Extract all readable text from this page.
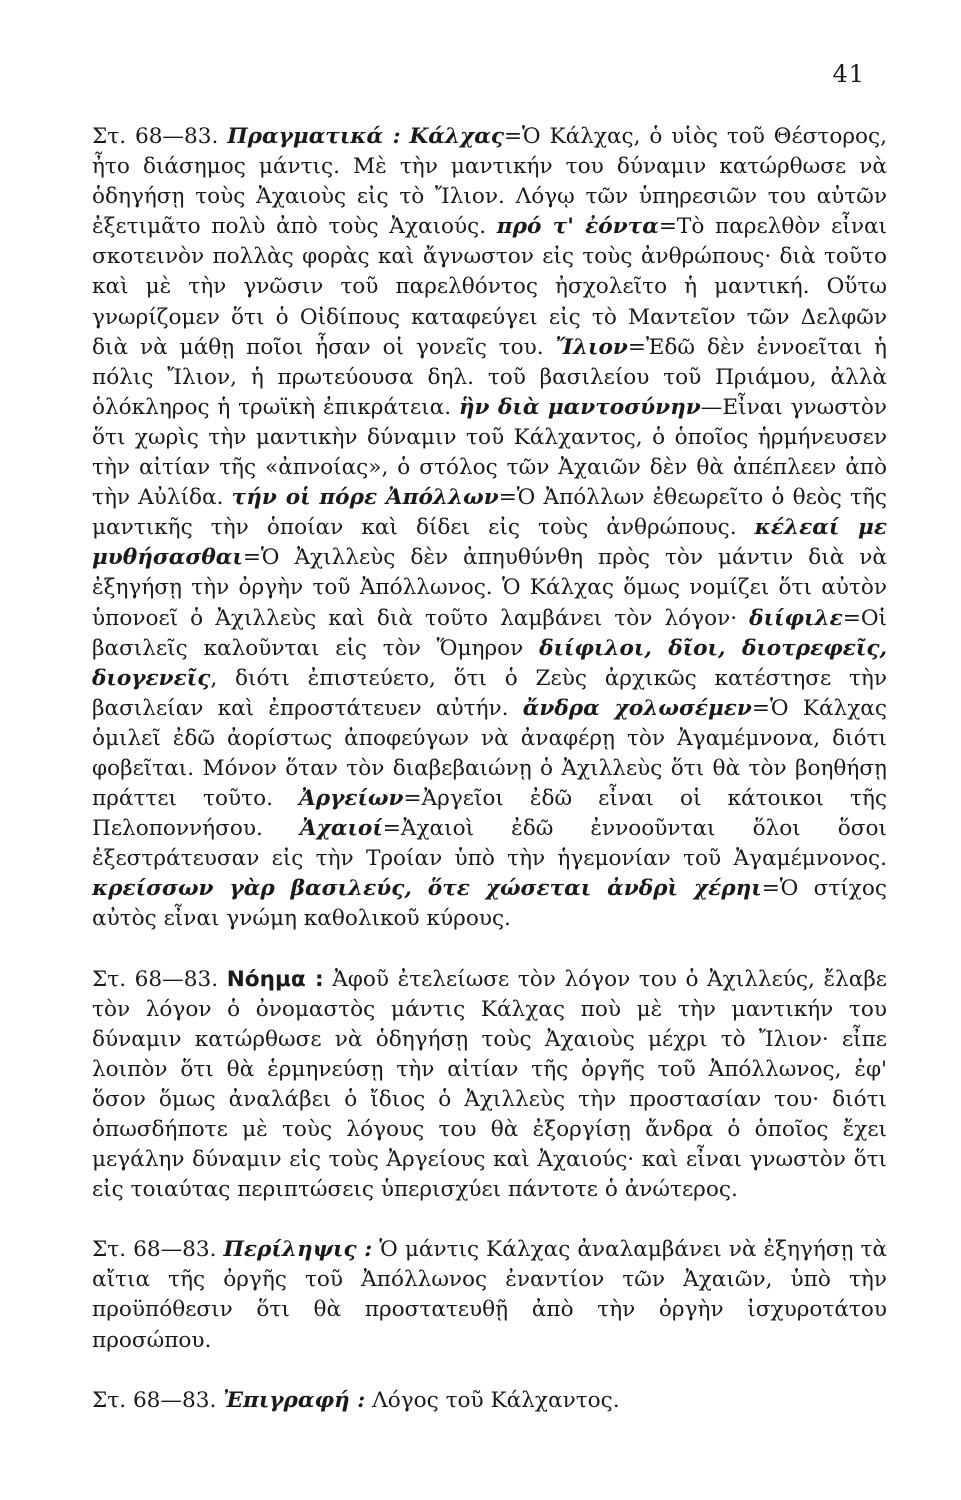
41

Στ. 68—83. Πραγματικά : Κάλχας=Ὁ Κάλχας, ὁ υἱὸς τοῦ Θέστορος, ἦτο διάσημος μάντις. Μὲ τὴν μαντικήν του δύναμιν κατώρθωσε νὰ ὁδηγήσῃ τοὺς Ἀχαιοὺς εἰς τὸ Ἴλιον. Λόγῳ τῶν ὑπηρεσιῶν του αὐτῶν ἐξετιμᾶτο πολὺ ἀπὸ τοὺς Ἀχαιούς. πρό τ' ἐόντα=Τὸ παρελθὸν εἶναι σκοτεινὸν πολλὰς φορὰς καὶ ἄγνωστον εἰς τοὺς ἀνθρώπους· διὰ τοῦτο καὶ μὲ τὴν γνῶσιν τοῦ παρελθόντος ἠσχολεῖτο ἡ μαντική. Οὕτω γνωρίζομεν ὅτι ὁ Οἰδίπους καταφεύγει εἰς τὸ Μαντεῖον τῶν Δελφῶν διὰ νὰ μάθῃ ποῖοι ἦσαν οἱ γονεῖς του. Ἴλιον=Ἐδῶ δὲν ἐννοεῖται ἡ πόλις Ἴλιον, ἡ πρωτεύουσα δηλ. τοῦ βασιλείου τοῦ Πριάμου, ἀλλὰ ὁλόκληρος ἡ τρωϊκὴ ἐπικράτεια. ἣν διὰ μαντοσύνην—Εἶναι γνωστὸν ὅτι χωρὶς τὴν μαντικὴν δύναμιν τοῦ Κάλχαντος, ὁ ὁποῖος ἡρμήνευσεν τὴν αἰτίαν τῆς «ἀπνοίας», ὁ στόλος τῶν Ἀχαιῶν δὲν θὰ ἀπέπλεεν ἀπὸ τὴν Αὐλίδα. τήν οἱ πόρε Ἀπόλλων=Ὁ Ἀπόλλων ἐθεωρεῖτο ὁ θεὸς τῆς μαντικῆς τὴν ὁποίαν καὶ δίδει εἰς τοὺς ἀνθρώπους. κέλεαί με μυθήσασθαι=Ὁ Ἀχιλλεὺς δὲν ἀπηυθύνθη πρὸς τὸν μάντιν διὰ νὰ ἐξηγήσῃ τὴν ὀργὴν τοῦ Ἀπόλλωνος. Ὁ Κάλχας ὅμως νομίζει ὅτι αὐτὸν ὑπονοεῖ ὁ Ἀχιλλεὺς καὶ διὰ τοῦτο λαμβάνει τὸν λόγον· διίφιλε=Οἱ βασιλεῖς καλοῦνται εἰς τὸν Ὅμηρον διίφιλοι, δῖοι, διοτρεφεῖς, διογενεῖς, διότι ἐπιστεύετο, ὅτι ὁ Ζεὺς ἀρχικῶς κατέστησε τὴν βασιλείαν καὶ ἐπροστάτευεν αὐτήν. ἄνδρα χολωσέμεν=Ὁ Κάλχας ὁμιλεῖ ἐδῶ ἀορίστως ἀποφεύγων νὰ ἀναφέρῃ τὸν Ἀγαμέμνονα, διότι φοβεῖται. Μόνον ὅταν τὸν διαβεβαιώνῃ ὁ Ἀχιλλεὺς ὅτι θὰ τὸν βοηθήσῃ πράττει τοῦτο. Ἀργείων=Ἀργεῖοι ἐδῶ εἶναι οἱ κάτοικοι τῆς Πελοποννήσου. Ἀχαιοί=Ἀχαιοὶ ἐδῶ ἐννοοῦνται ὅλοι ὅσοι ἐξεστράτευσαν εἰς τὴν Τροίαν ὑπὸ τὴν ἡγεμονίαν τοῦ Ἀγαμέμνονος. κρείσσων γὰρ βασιλεύς, ὅτε χώσεται ἀνδρὶ χέρηι=Ὁ στίχος αὐτὸς εἶναι γνώμη καθολικοῦ κύρους.

Στ. 68—83. Νόημα : Ἀφοῦ ἐτελείωσε τὸν λόγον του ὁ Ἀχιλλεύς, ἔλαβε τὸν λόγον ὁ ὀνομαστὸς μάντις Κάλχας ποὺ μὲ τὴν μαντικήν του δύναμιν κατώρθωσε νὰ ὁδηγήσῃ τοὺς Ἀχαιοὺς μέχρι τὸ Ἴλιον· εἶπε λοιπὸν ὅτι θὰ ἑρμηνεύσῃ τὴν αἰτίαν τῆς ὀργῆς τοῦ Ἀπόλλωνος, ἐφ' ὅσον ὅμως ἀναλάβει ὁ ἴδιος ὁ Ἀχιλλεὺς τὴν προστασίαν του· διότι ὁπωσδήποτε μὲ τοὺς λόγους του θὰ ἐξοργίσῃ ἄνδρα ὁ ὁποῖος ἔχει μεγάλην δύναμιν εἰς τοὺς Ἀργείους καὶ Ἀχαιούς· καὶ εἶναι γνωστὸν ὅτι εἰς τοιαύτας περιπτώσεις ὑπερισχύει πάντοτε ὁ ἀνώτερος.

Στ. 68—83. Περίληψις : Ὁ μάντις Κάλχας ἀναλαμβάνει νὰ ἐξηγήσῃ τὰ αἴτια τῆς ὀργῆς τοῦ Ἀπόλλωνος ἐναντίον τῶν Ἀχαιῶν, ὑπὸ τὴν προϋπόθεσιν ὅτι θὰ προστατευθῇ ἀπὸ τὴν ὀργὴν ἰσχυροτάτου προσώπου.

Στ. 68—83. Ἐπιγραφή : Λόγος τοῦ Κάλχαντος.
